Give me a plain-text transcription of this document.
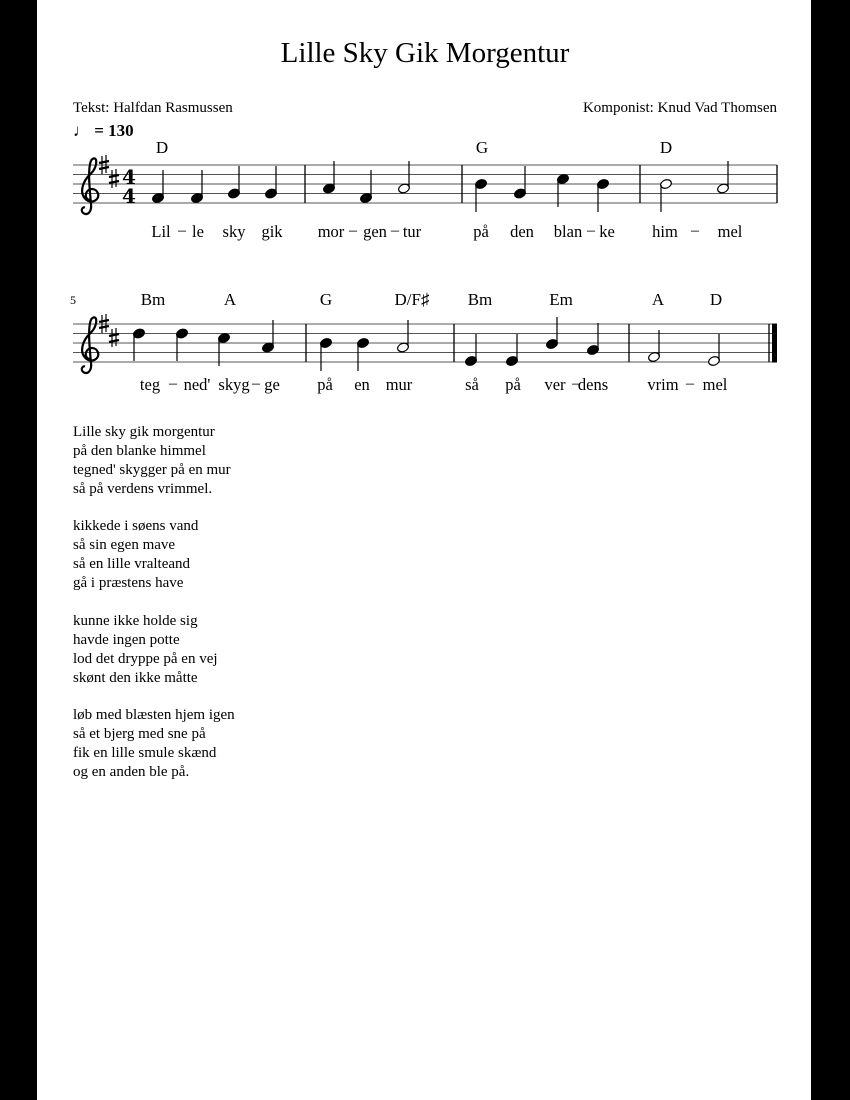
Lille Sky Gik Morgentur
Tekst: Halfdan Rasmussen	Komponist: Knud Vad Thomsen
♩ = 130
4
4
D	G	D
Lil – le sky gik mor – gen – tur	på den blan – ke him – mel
5	Bm	A	G	D/F♯ Bm	Em	A	D
teg – ned' skyg – ge på en mur	så på ver –
dens vrim – mel
Lille sky gik morgentur
på den blanke himmel
tegned' skygger på en mur
så på verdens vrimmel.
kikkede i søens vand
så sin egen mave
så en lille vralteand
gå i præstens have
kunne ikke holde sig
havde ingen potte
lod det dryppe på en vej
skønt den ikke måtte
løb med blæsten hjem igen
så et bjerg med sne på
fik en lille smule skænd
og en anden ble på.
